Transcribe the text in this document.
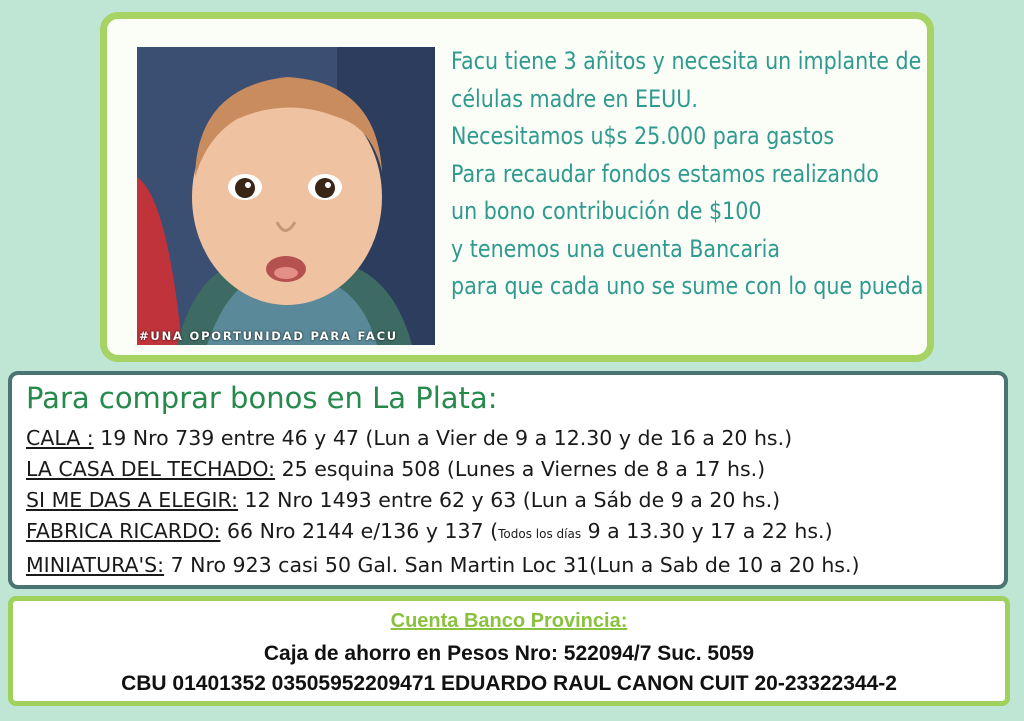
#UNA OPORTUNIDAD PARA FACU
Facu tiene 3 añitos y necesita un implante de
células madre en EEUU.
Necesitamos u$s 25.000 para gastos
Para recaudar fondos estamos realizando
un bono contribución de $100
y tenemos una cuenta Bancaria
para que cada uno se sume con lo que pueda
Para comprar bonos en La Plata:
CALA : 19 Nro 739 entre 46 y 47 (Lun a Vier de 9 a 12.30 y de 16 a 20 hs.)
LA CASA DEL TECHADO: 25 esquina 508 (Lunes a Viernes de 8 a 17 hs.)
SI ME DAS A ELEGIR: 12 Nro 1493 entre 62 y 63 (Lun a Sáb de 9 a 20 hs.)
FABRICA RICARDO: 66 Nro 2144 e/136 y 137 (Todos los días 9 a 13.30 y 17 a 22 hs.)
MINIATURA'S: 7 Nro 923 casi 50 Gal. San Martin Loc 31(Lun a Sab de 10 a 20 hs.)
Cuenta Banco Provincia:
Caja de ahorro en Pesos Nro: 522094/7 Suc. 5059
CBU 01401352 03505952209471 EDUARDO RAUL CANON CUIT 20-23322344-2
